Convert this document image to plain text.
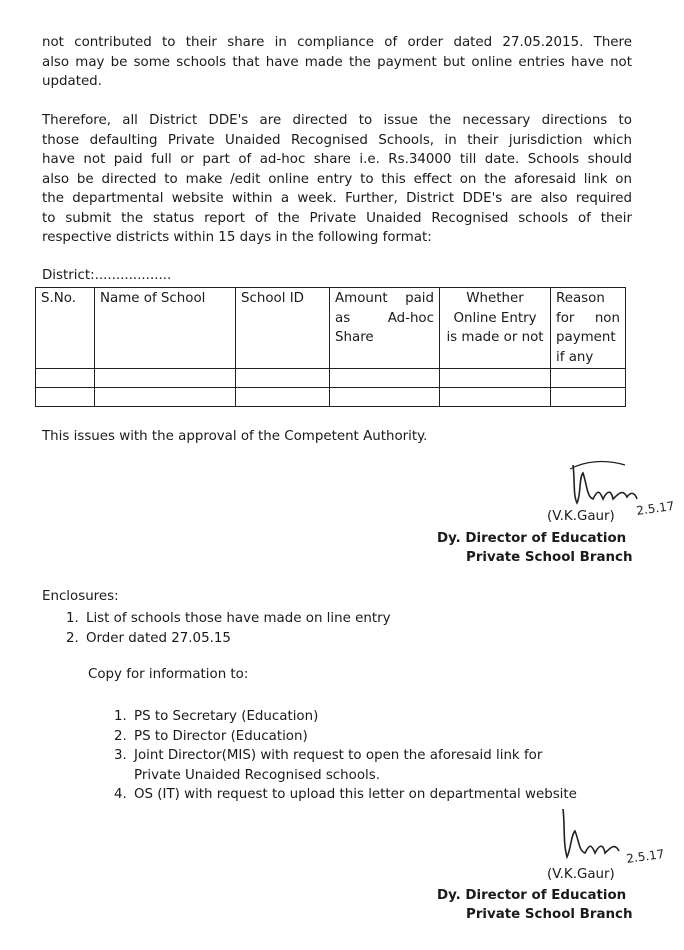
not contributed to their share in compliance of order dated 27.05.2015. There
also may be some schools that have made the payment but online entries have not
updated.
Therefore, all District DDE's are directed to issue the necessary directions to
those defaulting Private Unaided Recognised Schools, in their jurisdiction which
have not paid full or part of ad-hoc share i.e. Rs.34000 till date. Schools should
also be directed to make /edit online entry to this effect on the aforesaid link on
the departmental website within a week. Further, District DDE's are also required
to submit the status report of the Private Unaided Recognised schools of their
respective districts within 15 days in the following format:

District:..................

S.No.	Name of School	School ID	Amount paid
as Ad-hoc
Share	Whether
Online Entry
is made or not	Reason
for non
payment
if any

This issues with the approval of the Competent Authority.

2.5.17

(V.K.Gaur)

Dy. Director of Education

Private School Branch

Enclosures:

1. List of schools those have made on line entry
2. Order dated 27.05.15

Copy for information to:

1. PS to Secretary (Education)
2. PS to Director (Education)
3. Joint Director(MIS) with request to open the aforesaid link for
Private Unaided Recognised schools.
4. OS (IT) with request to upload this letter on departmental website
2.5.17

(V.K.Gaur)

Dy. Director of Education

Private School Branch
